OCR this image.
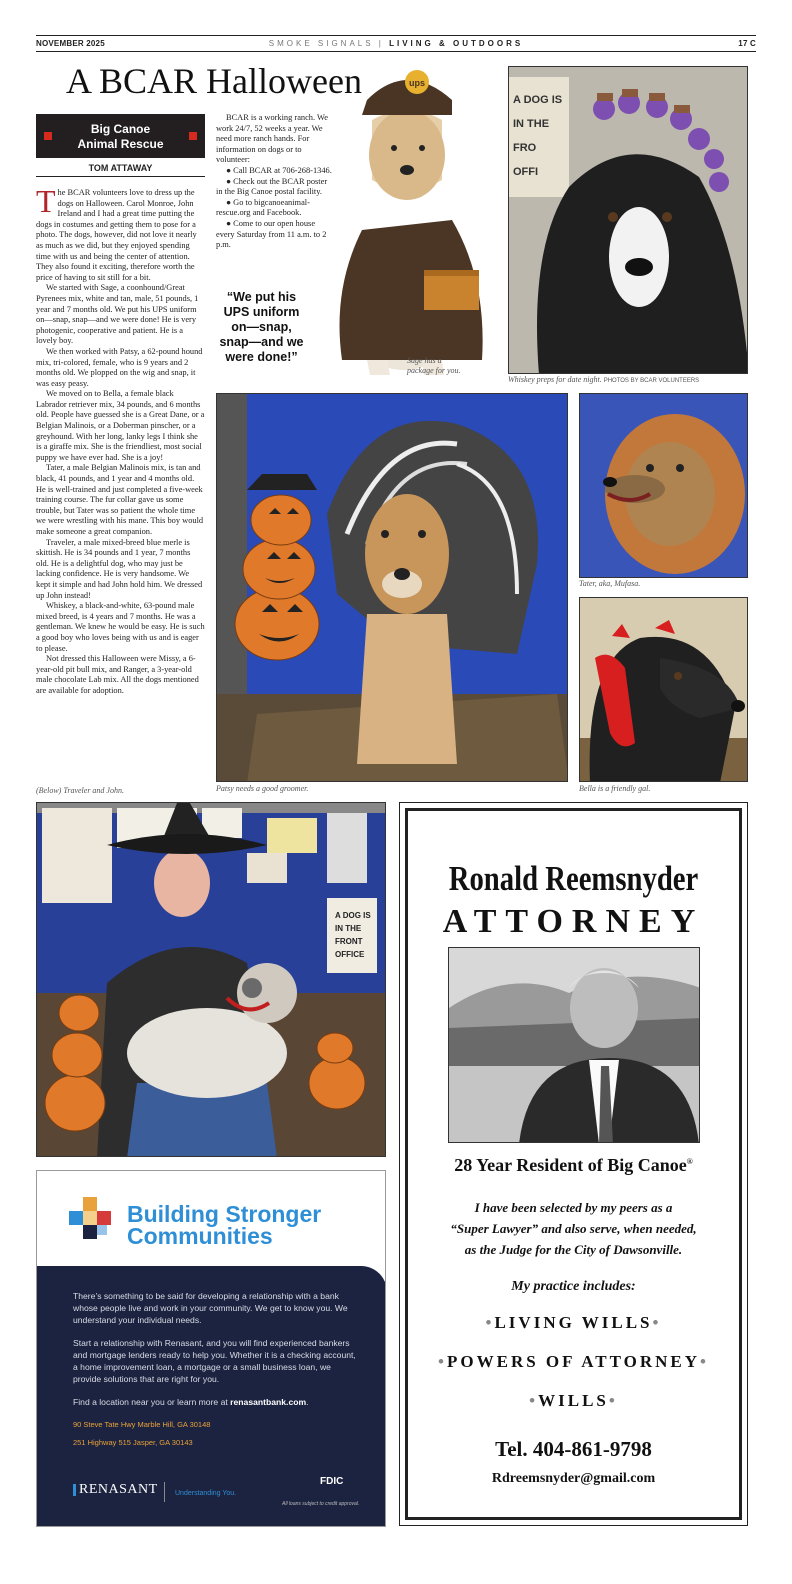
NOVEMBER 2025	SMOKE SIGNALS | LIVING & OUTDOORS	17 C
A BCAR Halloween
Big Canoe
Animal Rescue
TOM ATTAWAY

The BCAR volunteers love to dress up the dogs on Halloween. Carol Monroe, John Ireland and I had a great time putting the dogs in costumes and getting them to pose for a photo. The dogs, however, did not love it nearly as much as we did, but they enjoyed spending time with us and being the center of attention. They also found it exciting, therefore worth the price of having to sit still for a bit.

We started with Sage, a coonhound/Great Pyrenees mix, white and tan, male, 51 pounds, 1 year and 7 months old. We put his UPS uniform on—snap, snap—and we were done! He is very photogenic, cooperative and patient. He is a lovely boy.

We then worked with Patsy, a 62-pound hound mix, tri-colored, female, who is 9 years and 2 months old. We plopped on the wig and snap, it was easy peasy.

We moved on to Bella, a female black Labrador retriever mix, 34 pounds, and 6 months old. People have guessed she is a Great Dane, or a Belgian Malinois, or a Doberman pinscher, or a greyhound. With her long, lanky legs I think she is a giraffe mix. She is the friendliest, most social puppy we have ever had. She is a joy!

Tater, a male Belgian Malinois mix, is tan and black, 41 pounds, and 1 year and 4 months old. He is well-trained and just completed a five-week training course. The fur collar gave us some trouble, but Tater was so patient the whole time we were wrestling with his mane. This boy would make someone a great companion.

Traveler, a male mixed-breed blue merle is skittish. He is 34 pounds and 1 year, 7 months old. He is a delightful dog, who may just be lacking confidence. He is very handsome. We kept it simple and had John hold him. We dressed up John instead!

Whiskey, a black-and-white, 63-pound male mixed breed, is 4 years and 7 months. He was a gentleman. We knew he would be easy. He is such a good boy who loves being with us and is eager to please.

Not dressed this Halloween were Missy, a 6-year-old pit bull mix, and Ranger, a 3-year-old male chocolate Lab mix. All the dogs mentioned are available for adoption.

BCAR is a working ranch. We work 24/7, 52 weeks a year. We need more ranch hands. For information on dogs or to volunteer:

● Call BCAR at 706-268-1346.

● Check out the BCAR poster in the Big Canoe postal facility.

● Go to bigcanoeanimal-rescue.org and Facebook.

● Come to our open house every Saturday from 11 a.m. to 2 p.m.

“We put his UPS uniform on—snap, snap—and we were done!”
ups
Sage has a
package for you.
A DOG IS
IN THE
FRO
OFFI
Whiskey preps for date night. PHOTOS BY BCAR VOLUNTEERS
Patsy needs a good groomer.
Tater, aka, Mufasa.
Bella is a friendly gal.
(Below) Traveler and John.
A DOG IS
IN THE
FRONT
OFFICE
Building Stronger
Communities

There’s something to be said for developing a relationship with a bank whose people live and work in your community. We get to know you. We understand your individual needs.

Start a relationship with Renasant, and you will find experienced bankers and mortgage lenders ready to help you. Whether it is a checking account, a home improvement loan, a mortgage or a small business loan, we provide solutions that are right for you.

Find a location near you or learn more at renasantbank.com.

90 Steve Tate Hwy Marble Hill, GA 30148

251 Highway 515 Jasper, GA 30143

RENASANT Understanding You.
FDIC
All loans subject to credit approval.
Ronald Reemsnyder
ATTORNEY
28 Year Resident of Big Canoe®
I have been selected by my peers as a
“Super Lawyer” and also serve, when needed,
as the Judge for the City of Dawsonville.
My practice includes:
•LIVING WILLS•
•POWERS OF ATTORNEY•
•WILLS•
Tel. 404-861-9798
Rdreemsnyder@gmail.com
